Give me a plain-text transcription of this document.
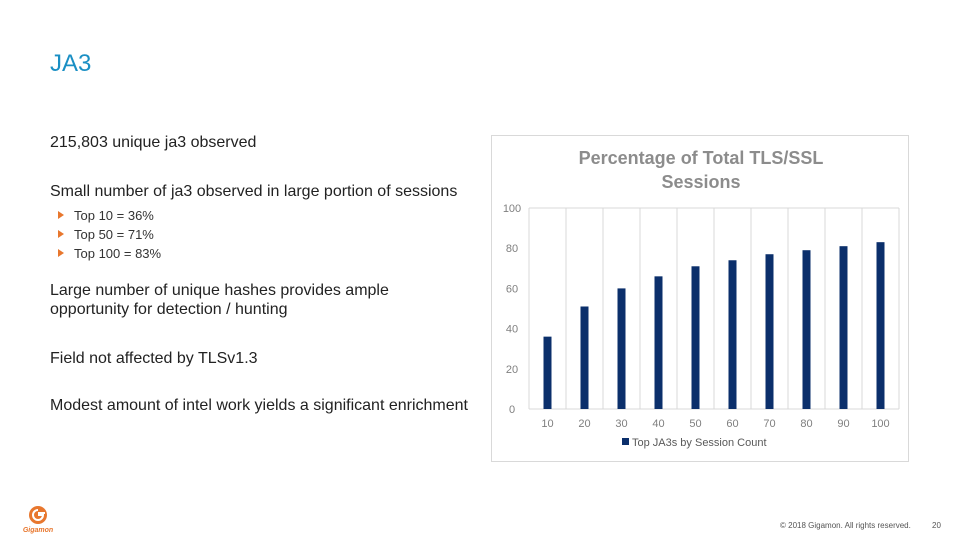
JA3
215,803 unique ja3 observed
Small number of ja3 observed in large portion of sessions
Top 10 = 36%
Top 50 = 71%
Top 100 = 83%
Large number of unique hashes provides ample opportunity for detection / hunting
Field not affected by TLSv1.3
Modest amount of intel work yields a significant enrichment
Percentage of Total TLS/SSL
Sessions
0
20
40
60
80
100
10 20 30 40 50 60 70 80 90 100
Top JA3s by Session Count
Gigamon
© 2018 Gigamon. All rights reserved.	20
